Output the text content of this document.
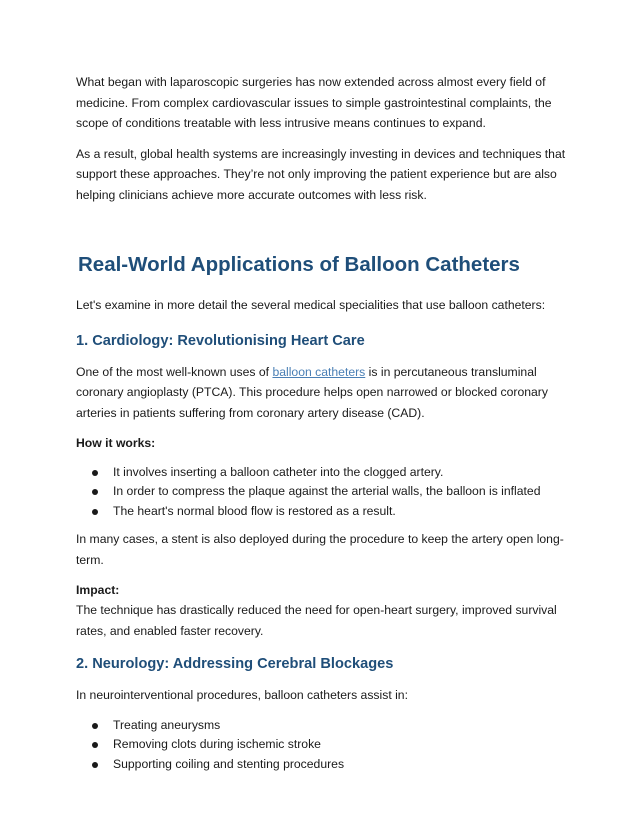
What began with laparoscopic surgeries has now extended across almost every field of medicine. From complex cardiovascular issues to simple gastrointestinal complaints, the scope of conditions treatable with less intrusive means continues to expand.

As a result, global health systems are increasingly investing in devices and techniques that support these approaches. They’re not only improving the patient experience but are also helping clinicians achieve more accurate outcomes with less risk.

Real-World Applications of Balloon Catheters

Let's examine in more detail the several medical specialities that use balloon catheters:

1. Cardiology: Revolutionising Heart Care

One of the most well-known uses of balloon catheters is in percutaneous transluminal coronary angioplasty (PTCA). This procedure helps open narrowed or blocked coronary arteries in patients suffering from coronary artery disease (CAD).

How it works:

It involves inserting a balloon catheter into the clogged artery.
In order to compress the plaque against the arterial walls, the balloon is inflated
The heart's normal blood flow is restored as a result.

In many cases, a stent is also deployed during the procedure to keep the artery open long-term.

Impact:

The technique has drastically reduced the need for open-heart surgery, improved survival rates, and enabled faster recovery.

2. Neurology: Addressing Cerebral Blockages

In neurointerventional procedures, balloon catheters assist in:

Treating aneurysms
Removing clots during ischemic stroke
Supporting coiling and stenting procedures
